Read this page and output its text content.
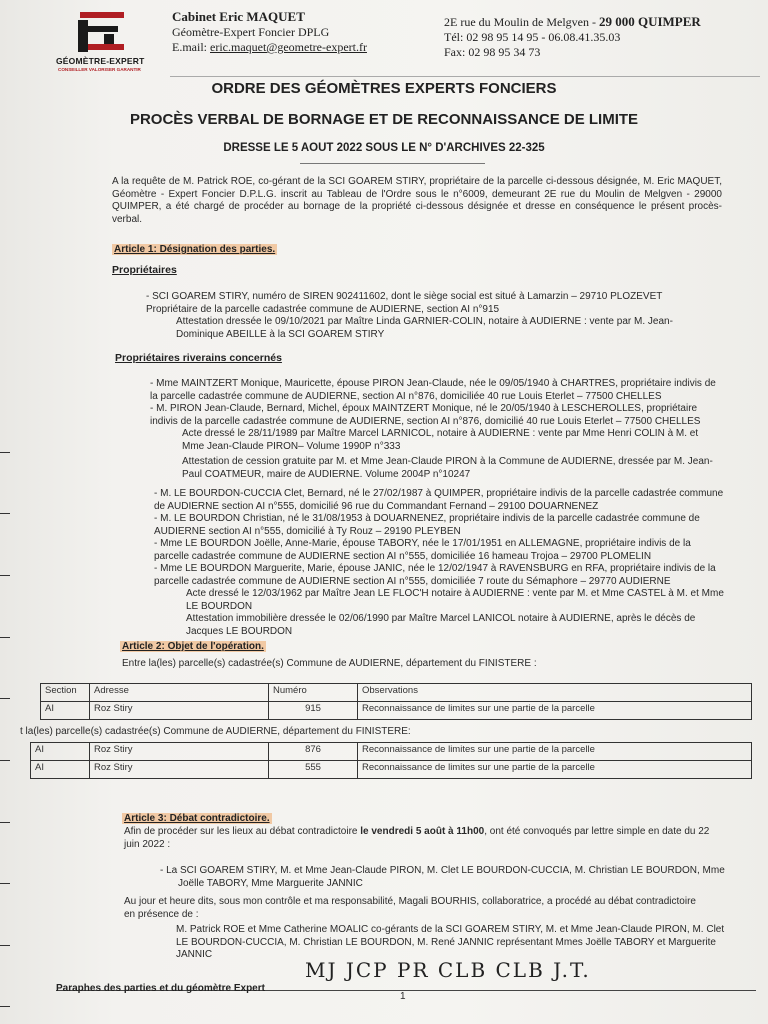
GÉOMÈTRE-EXPERT
CONSEILLER VALORISER GARANTIR
Cabinet Eric MAQUET
Géomètre-Expert Foncier DPLG
E.mail: eric.maquet@geometre-expert.fr
2E rue du Moulin de Melgven - 29 000 QUIMPER
Tél: 02 98 95 14 95 - 06.08.41.35.03
Fax: 02 98 95 34 73
ORDRE DES GÉOMÈTRES EXPERTS FONCIERS
PROCÈS VERBAL DE BORNAGE ET DE RECONNAISSANCE DE LIMITE
DRESSE LE 5 AOUT 2022 SOUS LE N° D'ARCHIVES 22-325
A la requête de M. Patrick ROE, co-gérant de la SCI GOAREM STIRY, propriétaire de la parcelle ci-dessous désignée, M. Eric MAQUET, Géomètre - Expert Foncier D.P.L.G. inscrit au Tableau de l'Ordre sous le n°6009, demeurant 2E rue du Moulin de Melgven - 29000 QUIMPER, a été chargé de procéder au bornage de la propriété ci-dessous désignée et dresse en conséquence le présent procès-verbal.
Article 1: Désignation des parties.
Propriétaires
- SCI GOAREM STIRY, numéro de SIREN 902411602, dont le siège social est situé à Lamarzin – 29710 PLOZEVET
Propriétaire de la parcelle cadastrée commune de AUDIERNE, section AI n°915
Attestation dressée le 09/10/2021 par Maître Linda GARNIER-COLIN, notaire à AUDIERNE : vente par M. Jean-
Dominique ABEILLE à la SCI GOAREM STIRY
Propriétaires riverains concernés
- Mme MAINTZERT Monique, Mauricette, épouse PIRON Jean-Claude, née le 09/05/1940 à CHARTRES, propriétaire indivis de
la parcelle cadastrée commune de AUDIERNE, section AI n°876, domiciliée 40 rue Louis Eterlet – 77500 CHELLES
- M. PIRON Jean-Claude, Bernard, Michel, époux MAINTZERT Monique, né le 20/05/1940 à LESCHEROLLES, propriétaire
indivis de la parcelle cadastrée commune de AUDIERNE, section AI n°876, domicilié 40 rue Louis Eterlet – 77500 CHELLES
Acte dressé le 28/11/1989 par Maître Marcel LARNICOL, notaire à AUDIERNE : vente par Mme Henri COLIN à M. et
Mme Jean-Claude PIRON– Volume 1990P n°333
Attestation de cession gratuite par M. et Mme Jean-Claude PIRON à la Commune de AUDIERNE, dressée par M. Jean-
Paul COATMEUR, maire de AUDIERNE. Volume 2004P n°10247
- M. LE BOURDON-CUCCIA Clet, Bernard, né le 27/02/1987 à QUIMPER, propriétaire indivis de la parcelle cadastrée commune
de AUDIERNE section AI n°555, domicilié 96 rue du Commandant Fernand – 29100 DOUARNENEZ
- M. LE BOURDON Christian, né le 31/08/1953 à DOUARNENEZ, propriétaire indivis de la parcelle cadastrée commune de
AUDIERNE section AI n°555, domicilié à Ty Rouz – 29190 PLEYBEN
- Mme LE BOURDON Joëlle, Anne-Marie, épouse TABORY, née le 17/01/1951 en ALLEMAGNE, propriétaire indivis de la
parcelle cadastrée commune de AUDIERNE section AI n°555, domiciliée 16 hameau Trojoa – 29700 PLOMELIN
- Mme LE BOURDON Marguerite, Marie, épouse JANIC, née le 12/02/1947 à RAVENSBURG en RFA, propriétaire indivis de la
parcelle cadastrée commune de AUDIERNE section AI n°555, domiciliée 7 route du Sémaphore – 29770 AUDIERNE
Acte dressé le 12/03/1962 par Maître Jean LE FLOC'H notaire à AUDIERNE : vente par M. et Mme CASTEL à M. et Mme
LE BOURDON
Attestation immobilière dressée le 02/06/1990 par Maître Marcel LANICOL notaire à AUDIERNE, après le décès de
Jacques LE BOURDON
Article 2: Objet de l'opération.
Entre la(les) parcelle(s) cadastrée(s) Commune de AUDIERNE, département du FINISTERE :
Section	Adresse	Numéro	Observations
AI	Roz Stiry	915	Reconnaissance de limites sur une partie de la parcelle
t la(les) parcelle(s) cadastrée(s) Commune de AUDIERNE, département du FINISTERE:
AI	Roz Stiry	876	Reconnaissance de limites sur une partie de la parcelle
AI	Roz Stiry	555	Reconnaissance de limites sur une partie de la parcelle
Article 3: Débat contradictoire.
Afin de procéder sur les lieux au débat contradictoire le vendredi 5 août à 11h00, ont été convoqués par lettre simple en date du 22
juin 2022 :
- La SCI GOAREM STIRY, M. et Mme Jean-Claude PIRON, M. Clet LE BOURDON-CUCCIA, M. Christian LE BOURDON, Mme
Joëlle TABORY, Mme Marguerite JANNIC
Au jour et heure dits, sous mon contrôle et ma responsabilité, Magali BOURHIS, collaboratrice, a procédé au débat contradictoire
en présence de :
M. Patrick ROE et Mme Catherine MOALIC co-gérants de la SCI GOAREM STIRY, M. et Mme Jean-Claude PIRON, M. Clet
LE BOURDON-CUCCIA, M. Christian LE BOURDON, M. René JANNIC représentant Mmes Joëlle TABORY et Marguerite
JANNIC
Paraphes des parties et du géomètre Expert
1
MJ JCP PR CLB CLB J.T.
